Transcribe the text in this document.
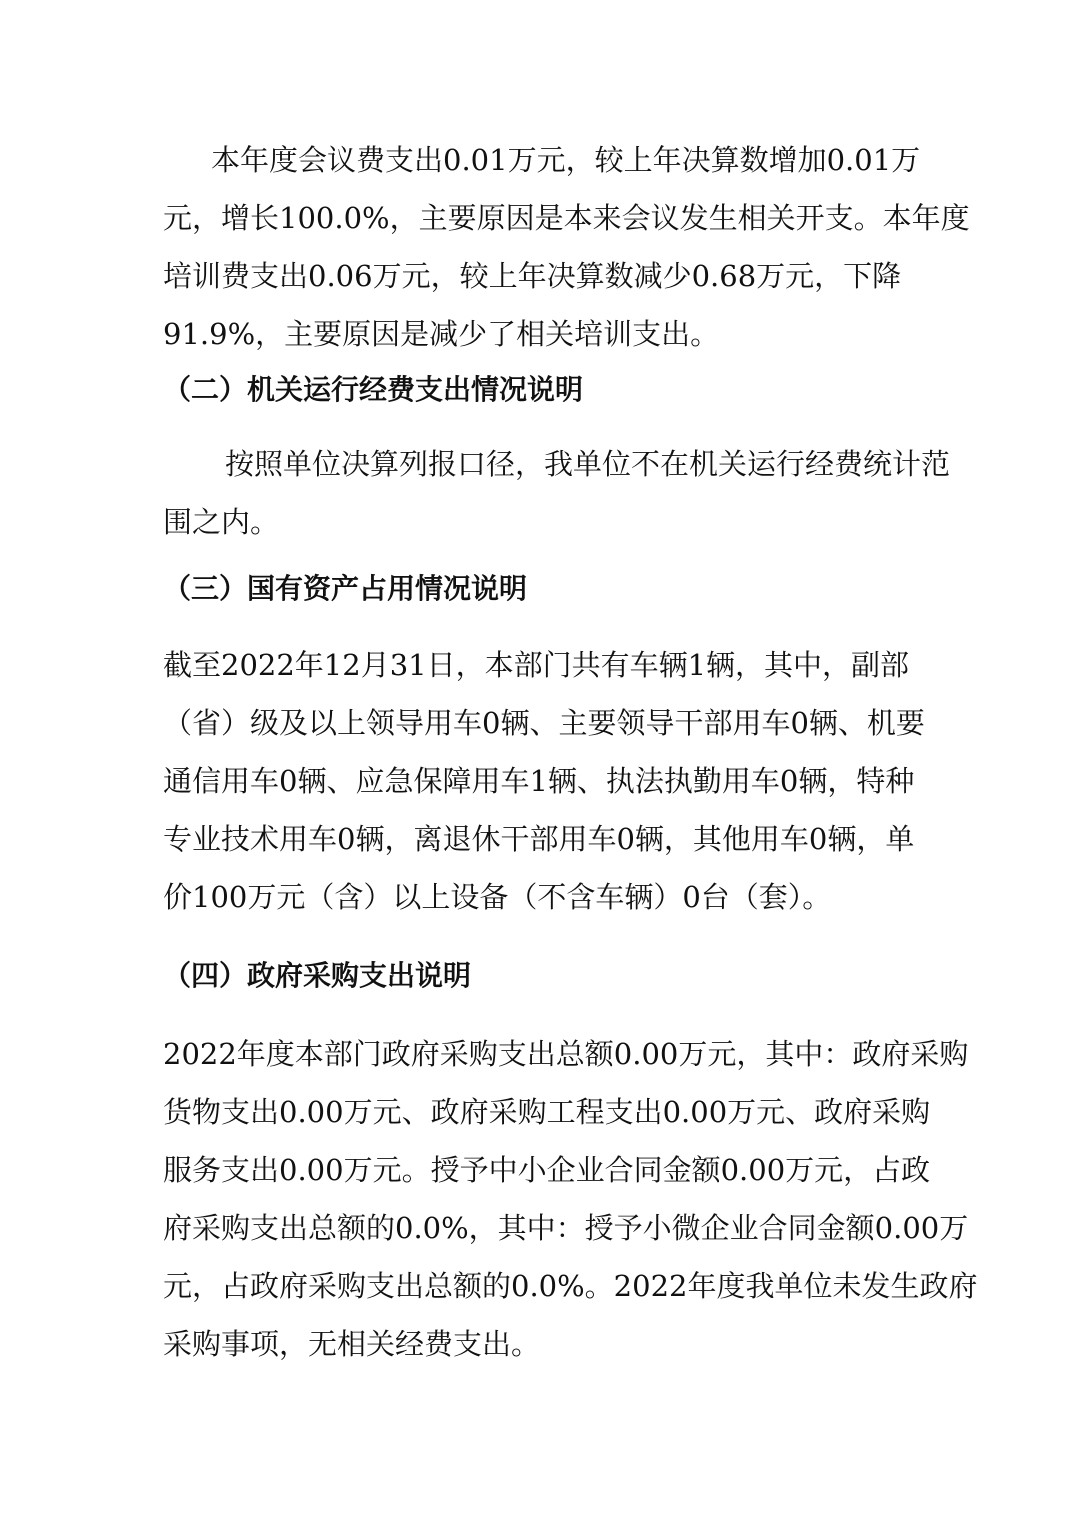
本年度会议费支出0.01万元，较上年决算数增加0.01万
元，增长100.0%，主要原因是本来会议发生相关开支。本年度
培训费支出0.06万元，较上年决算数减少0.68万元，下降
91.9%，主要原因是减少了相关培训支出。
（二）机关运行经费支出情况说明
按照单位决算列报口径，我单位不在机关运行经费统计范
围之内。
（三）国有资产占用情况说明
截至2022年12月31日，本部门共有车辆1辆，其中，副部
（省）级及以上领导用车0辆、主要领导干部用车0辆、机要
通信用车0辆、应急保障用车1辆、执法执勤用车0辆，特种
专业技术用车0辆，离退休干部用车0辆，其他用车0辆，单
价100万元（含）以上设备（不含车辆）0台（套）。
（四）政府采购支出说明
2022年度本部门政府采购支出总额0.00万元，其中：政府采购
货物支出0.00万元、政府采购工程支出0.00万元、政府采购
服务支出0.00万元。授予中小企业合同金额0.00万元，占政
府采购支出总额的0.0%，其中：授予小微企业合同金额0.00万
元，占政府采购支出总额的0.0%。2022年度我单位未发生政府
采购事项，无相关经费支出。
